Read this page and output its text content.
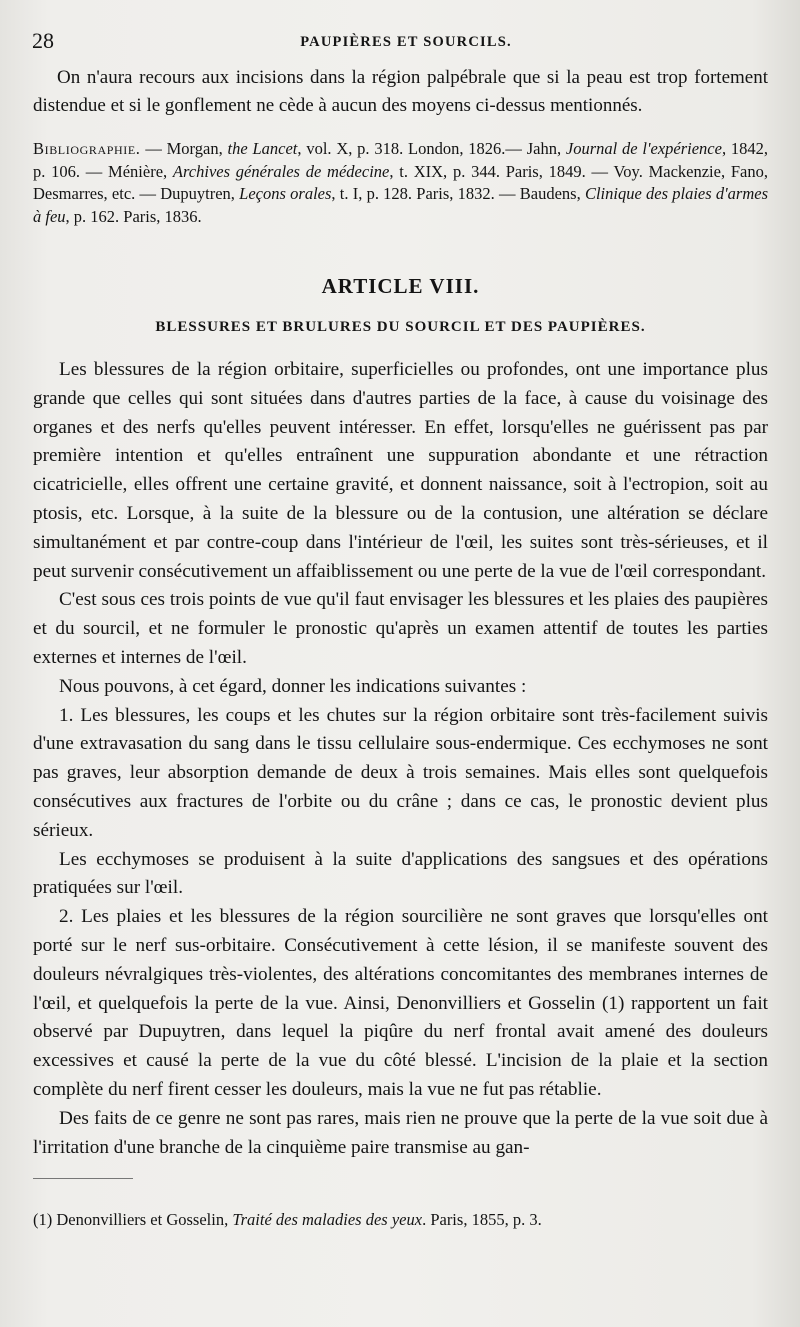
28	PAUPIÈRES ET SOURCILS.

On n'aura recours aux incisions dans la région palpébrale que si la peau est trop fortement distendue et si le gonflement ne cède à aucun des moyens ci-dessus mentionnés.

Bibliographie. — Morgan, the Lancet, vol. X, p. 318. London, 1826.— Jahn, Journal de l'expérience, 1842, p. 106. — Ménière, Archives générales de médecine, t. XIX, p. 344. Paris, 1849. — Voy. Mackenzie, Fano, Desmarres, etc. — Dupuytren, Leçons orales, t. I, p. 128. Paris, 1832. — Baudens, Clinique des plaies d'armes à feu, p. 162. Paris, 1836.

ARTICLE VIII.
BLESSURES ET BRULURES DU SOURCIL ET DES PAUPIÈRES.

Les blessures de la région orbitaire, superficielles ou profondes, ont une importance plus grande que celles qui sont situées dans d'autres parties de la face, à cause du voisinage des organes et des nerfs qu'elles peuvent intéresser. En effet, lorsqu'elles ne guérissent pas par première intention et qu'elles entraînent une suppuration abondante et une rétraction cicatricielle, elles offrent une certaine gravité, et donnent naissance, soit à l'ectropion, soit au ptosis, etc. Lorsque, à la suite de la blessure ou de la contusion, une altération se déclare simultanément et par contre-coup dans l'intérieur de l'œil, les suites sont très-sérieuses, et il peut survenir consécutivement un affaiblissement ou une perte de la vue de l'œil correspondant.

C'est sous ces trois points de vue qu'il faut envisager les blessures et les plaies des paupières et du sourcil, et ne formuler le pronostic qu'après un examen attentif de toutes les parties externes et internes de l'œil.

Nous pouvons, à cet égard, donner les indications suivantes :

1. Les blessures, les coups et les chutes sur la région orbitaire sont très-facilement suivis d'une extravasation du sang dans le tissu cellulaire sous-endermique. Ces ecchymoses ne sont pas graves, leur absorption demande de deux à trois semaines. Mais elles sont quelquefois consécutives aux fractures de l'orbite ou du crâne ; dans ce cas, le pronostic devient plus sérieux.

Les ecchymoses se produisent à la suite d'applications des sangsues et des opérations pratiquées sur l'œil.

2. Les plaies et les blessures de la région sourcilière ne sont graves que lorsqu'elles ont porté sur le nerf sus-orbitaire. Consécutivement à cette lésion, il se manifeste souvent des douleurs névralgiques très-violentes, des altérations concomitantes des membranes internes de l'œil, et quelquefois la perte de la vue. Ainsi, Denonvilliers et Gosselin (1) rapportent un fait observé par Dupuytren, dans lequel la piqûre du nerf frontal avait amené des douleurs excessives et causé la perte de la vue du côté blessé. L'incision de la plaie et la section complète du nerf firent cesser les douleurs, mais la vue ne fut pas rétablie.

Des faits de ce genre ne sont pas rares, mais rien ne prouve que la perte de la vue soit due à l'irritation d'une branche de la cinquième paire transmise au gan-

(1) Denonvilliers et Gosselin, Traité des maladies des yeux. Paris, 1855, p. 3.
